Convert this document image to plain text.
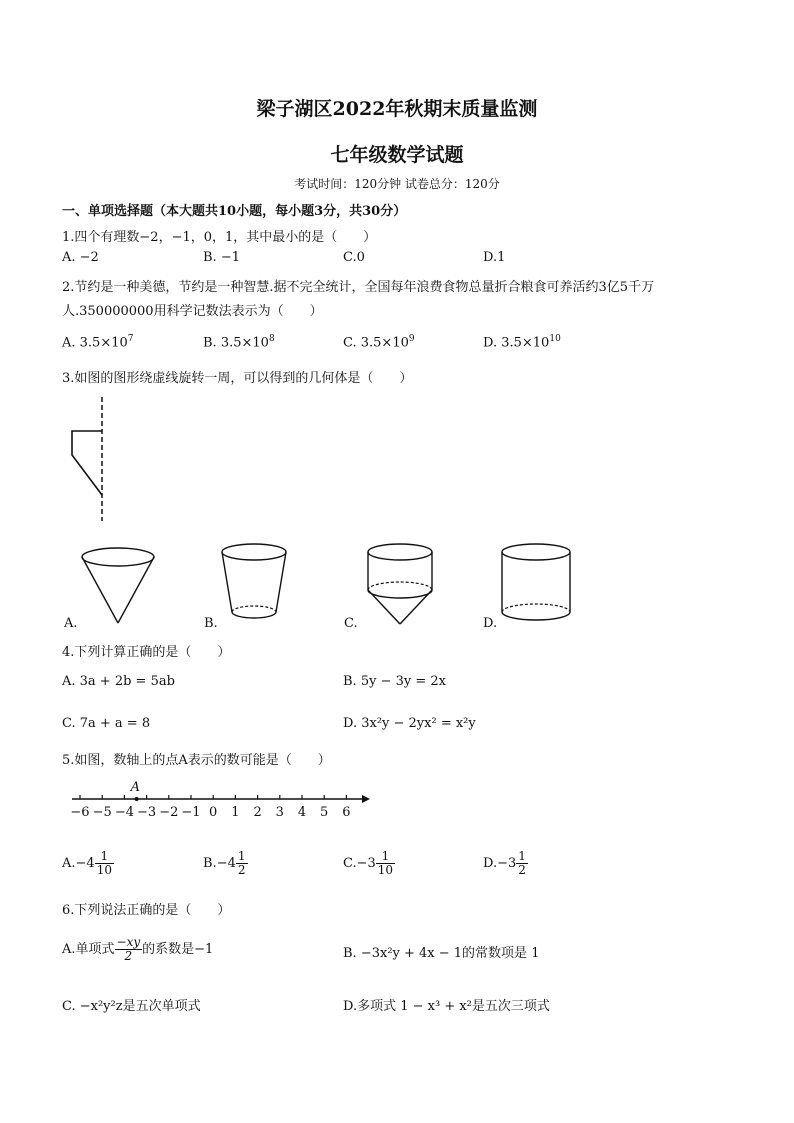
梁子湖区2022年秋期末质量监测
七年级数学试题
考试时间：120分钟 试卷总分：120分
一、单项选择题（本大题共10小题，每小题3分，共30分）
1.四个有理数−2，−1，0，1，其中最小的是（　　）
A. −2	B. −1	C.0	D.1
2.节约是一种美德，节约是一种智慧.据不完全统计，全国每年浪费食物总量折合粮食可养活约3亿5千万
人.350000000用科学记数法表示为（　　）
A. $3.5\times 10^7$	B. $3.5\times 10^8$	C. $3.5\times 10^9$	D. $3.5\times 10^{10}$
3.如图的图形绕虚线旋转一周，可以得到的几何体是（　　）
A.	B.	C.	D.
4.下列计算正确的是（　　）
A. 3a + 2b = 5ab	B. 5y − 3y = 2x
C. 7a + a = 8	D. 3x²y − 2yx² = x²y
5.如图，数轴上的点A表示的数可能是（　　）
−6 −5 −4 −3 −2 −1 0 1 2 3 4 5 6
A
$A.-4 \frac{1}{10}$	$B.-4 \frac{1}{2}$	$C.-3 \frac{1}{10}$	$D.-3 \frac{1}{2}$
6.下列说法正确的是（　　）
A.单项式 $\frac{-xy}{2}$ 的系数是−1	B. −3x²y + 4x − 1的常数项是 1
C. −x²y²z是五次单项式	D.多项式 1 − x³ + x²是五次三项式
